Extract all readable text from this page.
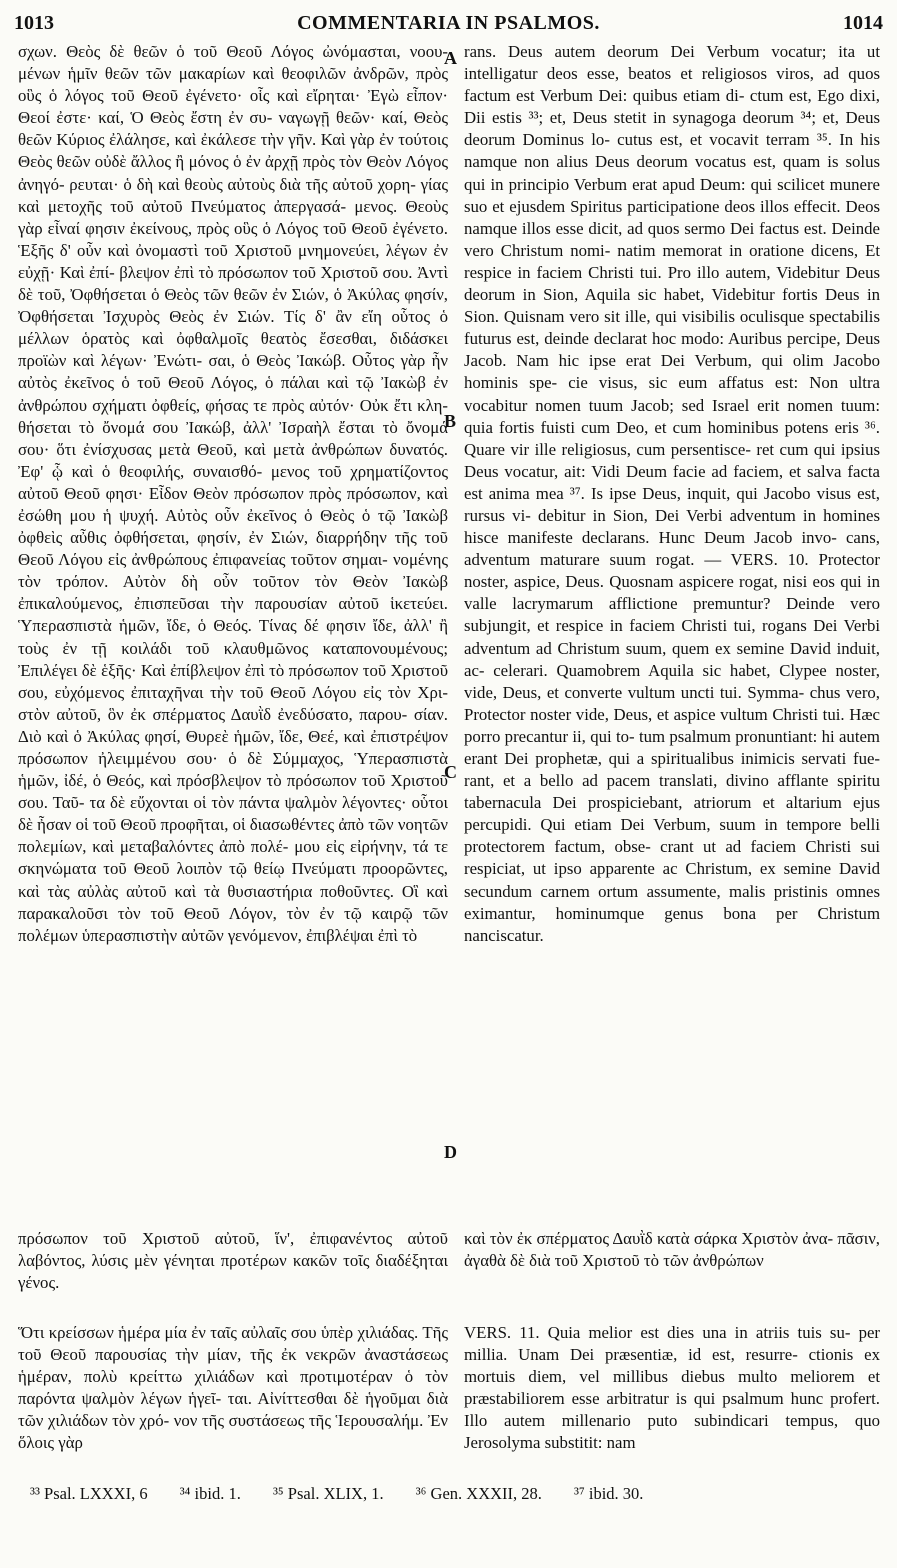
1013	COMMENTARIA IN PSALMOS.	1014

σχων. Θεὸς δὲ θεῶν ὁ τοῦ Θεοῦ Λόγος ὠνόμασται, νοου- μένων ἡμῖν θεῶν τῶν μακαρίων καὶ θεοφιλῶν ἀνδρῶν, πρὸς οὓς ὁ λόγος τοῦ Θεοῦ ἐγένετο· οἷς καὶ εἴρηται· Ἐγὼ εἶπον· Θεοί ἐστε· καί, Ὁ Θεὸς ἔστη ἐν συ- ναγωγῇ θεῶν· καί, Θεὸς θεῶν Κύριος ἐλάλησε, καὶ ἐκάλεσε τὴν γῆν. Καὶ γὰρ ἐν τούτοις Θεὸς θεῶν οὐδὲ ἄλλος ἢ μόνος ὁ ἐν ἀρχῇ πρὸς τὸν Θεὸν Λόγος ἀνηγό- ρευται· ὁ δὴ καὶ θεοὺς αὐτοὺς διὰ τῆς αὐτοῦ χορη- γίας καὶ μετοχῆς τοῦ αὐτοῦ Πνεύματος ἀπεργασά- μενος. Θεοὺς γὰρ εἶναί φησιν ἐκείνους, πρὸς οὓς ὁ Λόγος τοῦ Θεοῦ ἐγένετο. Ἑξῆς δ' οὖν καὶ ὀνομαστὶ τοῦ Χριστοῦ μνημονεύει, λέγων ἐν εὐχῇ· Καὶ ἐπί- βλεψον ἐπὶ τὸ πρόσωπον τοῦ Χριστοῦ σου. Ἀντὶ δὲ τοῦ, Ὀφθήσεται ὁ Θεὸς τῶν θεῶν ἐν Σιών, ὁ Ἀκύλας φησίν, Ὀφθήσεται Ἰσχυρὸς Θεὸς ἐν Σιών. Τίς δ' ἂν εἴη οὗτος ὁ μέλλων ὁρατὸς καὶ ὀφθαλμοῖς θεατὸς ἔσεσθαι, διδάσκει προϊὼν καὶ λέγων· Ἐνώτι- σαι, ὁ Θεὸς Ἰακώβ. Οὗτος γὰρ ἦν αὐτὸς ἐκεῖνος ὁ τοῦ Θεοῦ Λόγος, ὁ πάλαι καὶ τῷ Ἰακὼβ ἐν ἀνθρώπου σχήματι ὀφθείς, φήσας τε πρὸς αὐτόν· Οὐκ ἔτι κλη- θήσεται τὸ ὄνομά σου Ἰακώβ, ἀλλ' Ἰσραὴλ ἔσται τὸ ὄνομά σου· ὅτι ἐνίσχυσας μετὰ Θεοῦ, καὶ μετὰ ἀνθρώπων δυνατός. Ἐφ' ᾧ καὶ ὁ θεοφιλής, συναισθό- μενος τοῦ χρηματίζοντος αὐτοῦ Θεοῦ φησι· Εἶδον Θεὸν πρόσωπον πρὸς πρόσωπον, καὶ ἐσώθη μου ἡ ψυχή. Αὐτὸς οὖν ἐκεῖνος ὁ Θεὸς ὁ τῷ Ἰακὼβ ὀφθεὶς αὖθις ὀφθήσεται, φησίν, ἐν Σιών, διαρρήδην τῆς τοῦ Θεοῦ Λόγου εἰς ἀνθρώπους ἐπιφανείας τοῦτον σημαι- νομένης τὸν τρόπον. Αὐτὸν δὴ οὖν τοῦτον τὸν Θεὸν Ἰακὼβ ἐπικαλούμενος, ἐπισπεῦσαι τὴν παρουσίαν αὐτοῦ ἱκετεύει. Ὑπερασπιστὰ ἡμῶν, ἴδε, ὁ Θεός. Τίνας δέ φησιν ἴδε, ἀλλ' ἢ τοὺς ἐν τῇ κοιλάδι τοῦ κλαυθμῶνος καταπονουμένους; Ἐπιλέγει δὲ ἑξῆς· Καὶ ἐπίβλεψον ἐπὶ τὸ πρόσωπον τοῦ Χριστοῦ σου, εὐχόμενος ἐπιταχῆναι τὴν τοῦ Θεοῦ Λόγου εἰς τὸν Χρι- στὸν αὐτοῦ, ὃν ἐκ σπέρματος Δαυῒδ ἐνεδύσατο, παρου- σίαν. Διὸ καὶ ὁ Ἀκύλας φησί, Θυρεὲ ἡμῶν, ἴδε, Θεέ, καὶ ἐπιστρέψον πρόσωπον ἠλειμμένου σου· ὁ δὲ Σύμμαχος, Ὑπερασπιστὰ ἡμῶν, ἰδέ, ὁ Θεός, καὶ πρόσβλεψον τὸ πρόσωπον τοῦ Χριστοῦ σου. Ταῦ- τα δὲ εὔχονται οἱ τὸν πάντα ψαλμὸν λέγοντες· οὗτοι δὲ ἦσαν οἱ τοῦ Θεοῦ προφῆται, οἱ διασωθέντες ἀπὸ τῶν νοητῶν πολεμίων, καὶ μεταβαλόντες ἀπὸ πολέ- μου εἰς εἰρήνην, τά τε σκηνώματα τοῦ Θεοῦ λοιπὸν τῷ θείῳ Πνεύματι προορῶντες, καὶ τὰς αὐλὰς αὐτοῦ καὶ τὰ θυσιαστήρια ποθοῦντες. Οἳ καὶ παρακαλοῦσι τὸν τοῦ Θεοῦ Λόγον, τὸν ἐν τῷ καιρῷ τῶν πολέμων ὑπερασπιστὴν αὐτῶν γενόμενον, ἐπιβλέψαι ἐπὶ τὸ

A
B
C
D

rans. Deus autem deorum Dei Verbum vocatur; ita ut intelligatur deos esse, beatos et religiosos viros, ad quos factum est Verbum Dei: quibus etiam di- ctum est, Ego dixi, Dii estis ³³; et, Deus stetit in synagoga deorum ³⁴; et, Deus deorum Dominus lo- cutus est, et vocavit terram ³⁵. In his namque non alius Deus deorum vocatus est, quam is solus qui in principio Verbum erat apud Deum: qui scilicet munere suo et ejusdem Spiritus participatione deos illos effecit. Deos namque illos esse dicit, ad quos sermo Dei factus est. Deinde vero Christum nomi- natim memorat in oratione dicens, Et respice in faciem Christi tui. Pro illo autem, Videbitur Deus deorum in Sion, Aquila sic habet, Videbitur fortis Deus in Sion. Quisnam vero sit ille, qui visibilis oculisque spectabilis futurus est, deinde declarat hoc modo: Auribus percipe, Deus Jacob. Nam hic ipse erat Dei Verbum, qui olim Jacobo hominis spe- cie visus, sic eum affatus est: Non ultra vocabitur nomen tuum Jacob; sed Israel erit nomen tuum: quia fortis fuisti cum Deo, et cum hominibus potens eris ³⁶. Quare vir ille religiosus, cum persentisce- ret cum qui ipsius Deus vocatur, ait: Vidi Deum facie ad faciem, et salva facta est anima mea ³⁷. Is ipse Deus, inquit, qui Jacobo visus est, rursus vi- debitur in Sion, Dei Verbi adventum in homines hisce manifeste declarans. Hunc Deum Jacob invo- cans, adventum maturare suum rogat. — VERS. 10. Protector noster, aspice, Deus. Quosnam aspicere rogat, nisi eos qui in valle lacrymarum afflictione premuntur? Deinde vero subjungit, et respice in faciem Christi tui, rogans Dei Verbi adventum ad Christum suum, quem ex semine David induit, ac- celerari. Quamobrem Aquila sic habet, Clypee noster, vide, Deus, et converte vultum uncti tui. Symma- chus vero, Protector noster vide, Deus, et aspice vultum Christi tui. Hæc porro precantur ii, qui to- tum psalmum pronuntiant: hi autem erant Dei prophetæ, qui a spiritualibus inimicis servati fue- rant, et a bello ad pacem translati, divino afflante spiritu tabernacula Dei prospiciebant, atriorum et altarium ejus percupidi. Qui etiam Dei Verbum, suum in tempore belli protectorem factum, obse- crant ut ad faciem Christi sui respiciat, ut ipso apparente ac Christum, ex semine David secundum carnem ortum assumente, malis pristinis omnes eximantur, hominumque genus bona per Christum nanciscatur.

πρόσωπον τοῦ Χριστοῦ αὐτοῦ, ἵν', ἐπιφανέντος αὐτοῦ λαβόντος, λύσις μὲν γένηται προτέρων κακῶν τοῖς διαδέξηται γένος.
καὶ τὸν ἐκ σπέρματος Δαυῒδ κατὰ σάρκα Χριστὸν ἀνα- πᾶσιν, ἀγαθὰ δὲ διὰ τοῦ Χριστοῦ τὸ τῶν ἀνθρώπων

Ὅτι κρείσσων ἡμέρα μία ἐν ταῖς αὐλαῖς σου ὑπὲρ χιλιάδας. Τῆς τοῦ Θεοῦ παρουσίας τὴν μίαν, τῆς ἐκ νεκρῶν ἀναστάσεως ἡμέραν, πολὺ κρείττω χιλιάδων καὶ προτιμοτέραν ὁ τὸν παρόντα ψαλμὸν λέγων ἡγεῖ- ται. Αἰνίττεσθαι δὲ ἡγοῦμαι διὰ τῶν χιλιάδων τὸν χρό- νον τῆς συστάσεως τῆς Ἱερουσαλήμ. Ἐν ὅλοις γὰρ

VERS. 11. Quia melior est dies una in atriis tuis su- per millia. Unam Dei præsentiæ, id est, resurre- ctionis ex mortuis diem, vel millibus diebus multo meliorem et præstabiliorem esse arbitratur is qui psalmum hunc profert. Illo autem millenario puto subindicari tempus, quo Jerosolyma substitit: nam

³³ Psal. LXXXI, 6 ³⁴ ibid. 1. ³⁵ Psal. XLIX, 1. ³⁶ Gen. XXXII, 28. ³⁷ ibid. 30.
